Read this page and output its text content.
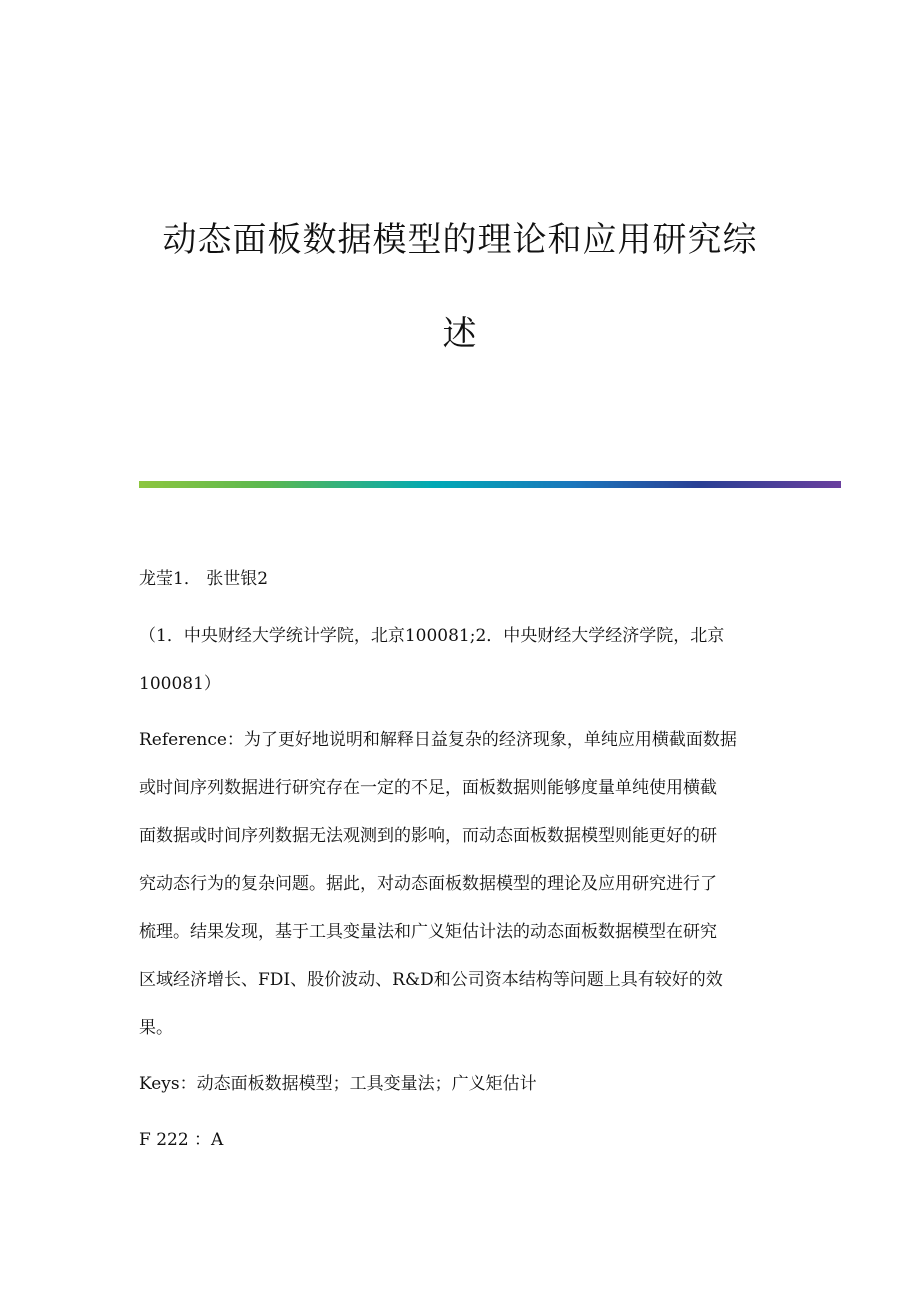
动态面板数据模型的理论和应用研究综
述
龙莹1． 张世银2
（1．中央财经大学统计学院，北京100081;2．中央财经大学经济学院，北京
100081）
Reference：为了更好地说明和解释日益复杂的经济现象，单纯应用横截面数据
或时间序列数据进行研究存在一定的不足，面板数据则能够度量单纯使用横截
面数据或时间序列数据无法观测到的影响，而动态面板数据模型则能更好的研
究动态行为的复杂问题。据此，对动态面板数据模型的理论及应用研究进行了
梳理。结果发现，基于工具变量法和广义矩估计法的动态面板数据模型在研究
区域经济增长、FDI、股价波动、R&D和公司资本结构等问题上具有较好的效
果。
Keys：动态面板数据模型；工具变量法；广义矩估计
F 222 ：A
